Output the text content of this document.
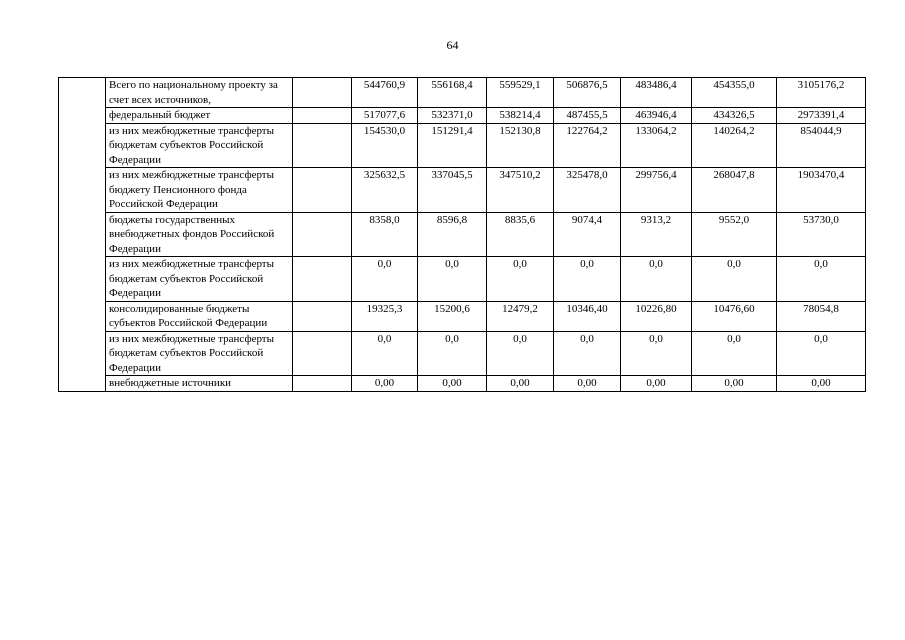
64
	Всего по национальному проекту за счет всех источников,		544760,9	556168,4	559529,1	506876,5	483486,4	454355,0	3105176,2
	федеральный бюджет		517077,6	532371,0	538214,4	487455,5	463946,4	434326,5	2973391,4
	из них межбюджетные трансферты бюджетам субъектов Российской Федерации		154530,0	151291,4	152130,8	122764,2	133064,2	140264,2	854044,9
	из них межбюджетные трансферты бюджету Пенсионного фонда Российской Федерации		325632,5	337045,5	347510,2	325478,0	299756,4	268047,8	1903470,4
	бюджеты государственных внебюджетных фондов Российской Федерации		8358,0	8596,8	8835,6	9074,4	9313,2	9552,0	53730,0
	из них межбюджетные трансферты бюджетам субъектов Российской Федерации		0,0	0,0	0,0	0,0	0,0	0,0	0,0
	консолидированные бюджеты субъектов Российской Федерации		19325,3	15200,6	12479,2	10346,40	10226,80	10476,60	78054,8
	из них межбюджетные трансферты бюджетам субъектов Российской Федерации		0,0	0,0	0,0	0,0	0,0	0,0	0,0
	внебюджетные источники		0,00	0,00	0,00	0,00	0,00	0,00	0,00
